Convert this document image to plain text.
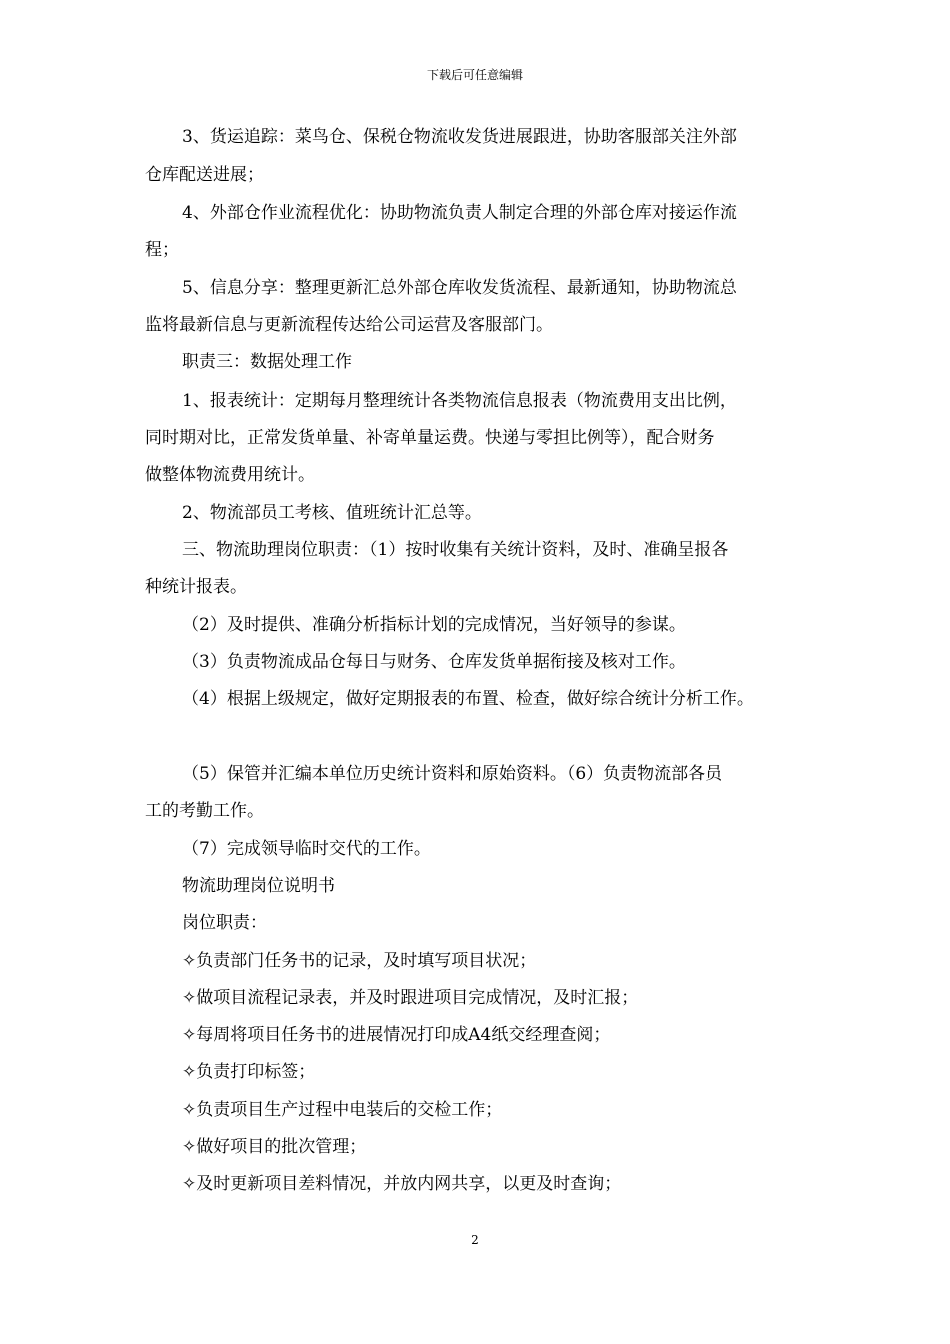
下载后可任意编辑
3、货运追踪：菜鸟仓、保税仓物流收发货进展跟进，协助客服部关注外部
仓库配送进展；
4、外部仓作业流程优化：协助物流负责人制定合理的外部仓库对接运作流
程；
5、信息分享：整理更新汇总外部仓库收发货流程、最新通知，协助物流总
监将最新信息与更新流程传达给公司运营及客服部门。
职责三：数据处理工作
1、报表统计：定期每月整理统计各类物流信息报表（物流费用支出比例，
同时期对比，正常发货单量、补寄单量运费。快递与零担比例等），配合财务
做整体物流费用统计。
2、物流部员工考核、值班统计汇总等。
三、物流助理岗位职责：（1）按时收集有关统计资料，及时、准确呈报各
种统计报表。
（2）及时提供、准确分析指标计划的完成情况，当好领导的参谋。
（3）负责物流成品仓每日与财务、仓库发货单据衔接及核对工作。
（4）根据上级规定，做好定期报表的布置、检查，做好综合统计分析工作。
（5）保管并汇编本单位历史统计资料和原始资料。（6）负责物流部各员
工的考勤工作。
（7）完成领导临时交代的工作。
物流助理岗位说明书
岗位职责：
✧负责部门任务书的记录，及时填写项目状况；
✧做项目流程记录表，并及时跟进项目完成情况，及时汇报；
✧每周将项目任务书的进展情况打印成A4纸交经理查阅；
✧负责打印标签；
✧负责项目生产过程中电装后的交检工作；
✧做好项目的批次管理；
✧及时更新项目差料情况，并放内网共享，以更及时查询；
2
